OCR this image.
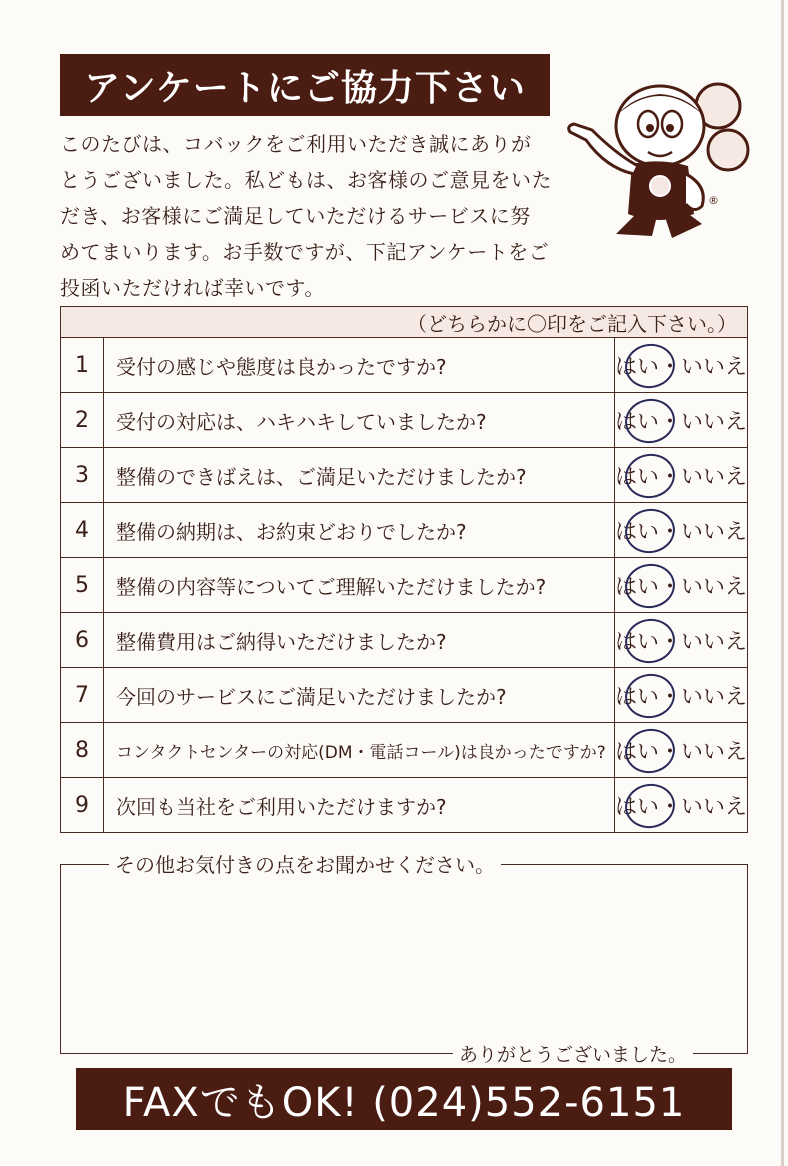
アンケートにご協力下さい
このたびは、コバックをご利用いただき誠にありが
とうございました。私どもは、お客様のご意見をいた
だき、お客様にご満足していただけるサービスに努
めてまいります。お手数ですが、下記アンケートをご
投函いただければ幸いです。
®
（どちらかに〇印をご記入下さい。）
1	受付の感じや態度は良かったですか?	はい・いいえ
2	受付の対応は、ハキハキしていましたか?	はい・いいえ
3	整備のできばえは、ご満足いただけましたか?	はい・いいえ
4	整備の納期は、お約束どおりでしたか?	はい・いいえ
5	整備の内容等についてご理解いただけましたか?	はい・いいえ
6	整備費用はご納得いただけましたか?	はい・いいえ
7	今回のサービスにご満足いただけましたか?	はい・いいえ
8	コンタクトセンターの対応(DM・電話コール)は良かったですか? はい・いいえ
9	次回も当社をご利用いただけますか?	はい・いいえ
その他お気付きの点をお聞かせください。
ありがとうございました。
FAXでもOK! (024)552-6151
